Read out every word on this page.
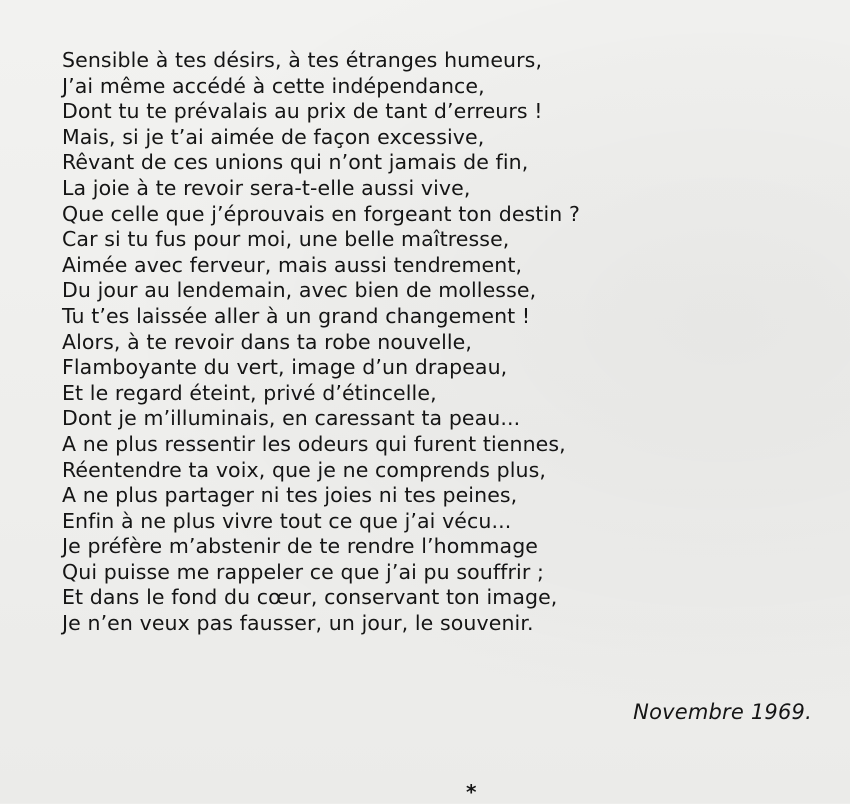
Sensible à tes désirs, à tes étranges humeurs,
J’ai même accédé à cette indépendance,
Dont tu te prévalais au prix de tant d’erreurs !
Mais, si je t’ai aimée de façon excessive,
Rêvant de ces unions qui n’ont jamais de fin,
La joie à te revoir sera-t-elle aussi vive,
Que celle que j’éprouvais en forgeant ton destin ?
Car si tu fus pour moi, une belle maîtresse,
Aimée avec ferveur, mais aussi tendrement,
Du jour au lendemain, avec bien de mollesse,
Tu t’es laissée aller à un grand changement !
Alors, à te revoir dans ta robe nouvelle,
Flamboyante du vert, image d’un drapeau,
Et le regard éteint, privé d’étincelle,
Dont je m’illuminais, en caressant ta peau...
A ne plus ressentir les odeurs qui furent tiennes,
Réentendre ta voix, que je ne comprends plus,
A ne plus partager ni tes joies ni tes peines,
Enfin à ne plus vivre tout ce que j’ai vécu...
Je préfère m’abstenir de te rendre l’hommage
Qui puisse me rappeler ce que j’ai pu souffrir ;
Et dans le fond du cœur, conservant ton image,
Je n’en veux pas fausser, un jour, le souvenir.
Novembre 1969.
*
